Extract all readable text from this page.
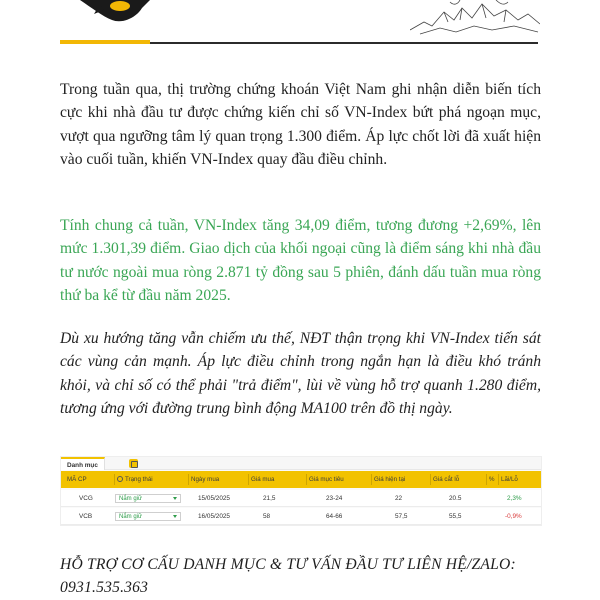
Trong tuần qua, thị trường chứng khoán Việt Nam ghi nhận diễn biến tích cực khi nhà đầu tư được chứng kiến chỉ số VN-Index bứt phá ngoạn mục, vượt qua ngưỡng tâm lý quan trọng 1.300 điểm. Áp lực chốt lời đã xuất hiện vào cuối tuần, khiến VN-Index quay đầu điều chỉnh.

Tính chung cả tuần, VN-Index tăng 34,09 điểm, tương đương +2,69%, lên mức 1.301,39 điểm. Giao dịch của khối ngoại cũng là điểm sáng khi nhà đầu tư nước ngoài mua ròng 2.871 tỷ đồng sau 5 phiên, đánh dấu tuần mua ròng thứ ba kể từ đầu năm 2025.

Dù xu hướng tăng vẫn chiếm ưu thế, NĐT thận trọng khi VN-Index tiến sát các vùng cản mạnh. Áp lực điều chỉnh trong ngắn hạn là điều khó tránh khỏi, và chỉ số có thể phải "trả điểm", lùi về vùng hỗ trợ quanh 1.280 điểm, tương ứng với đường trung bình động MA100 trên đồ thị ngày.

Danh mục
MÃ CP	Trạng thái	Ngày mua	Giá mua	Giá mục tiêu	Giá hiện tại	Giá cắt lỗ	% Lãi/Lỗ
VCG	Nắm giữ	15/05/2025	21,5	23-24	22	20.5	2,3%
VCB	Nắm giữ	16/05/2025	58	64-66	57,5	55,5	-0,9%
HỖ TRỢ CƠ CẤU DANH MỤC & TƯ VẤN ĐẦU TƯ LIÊN HỆ/ZALO:
0931.535.363
